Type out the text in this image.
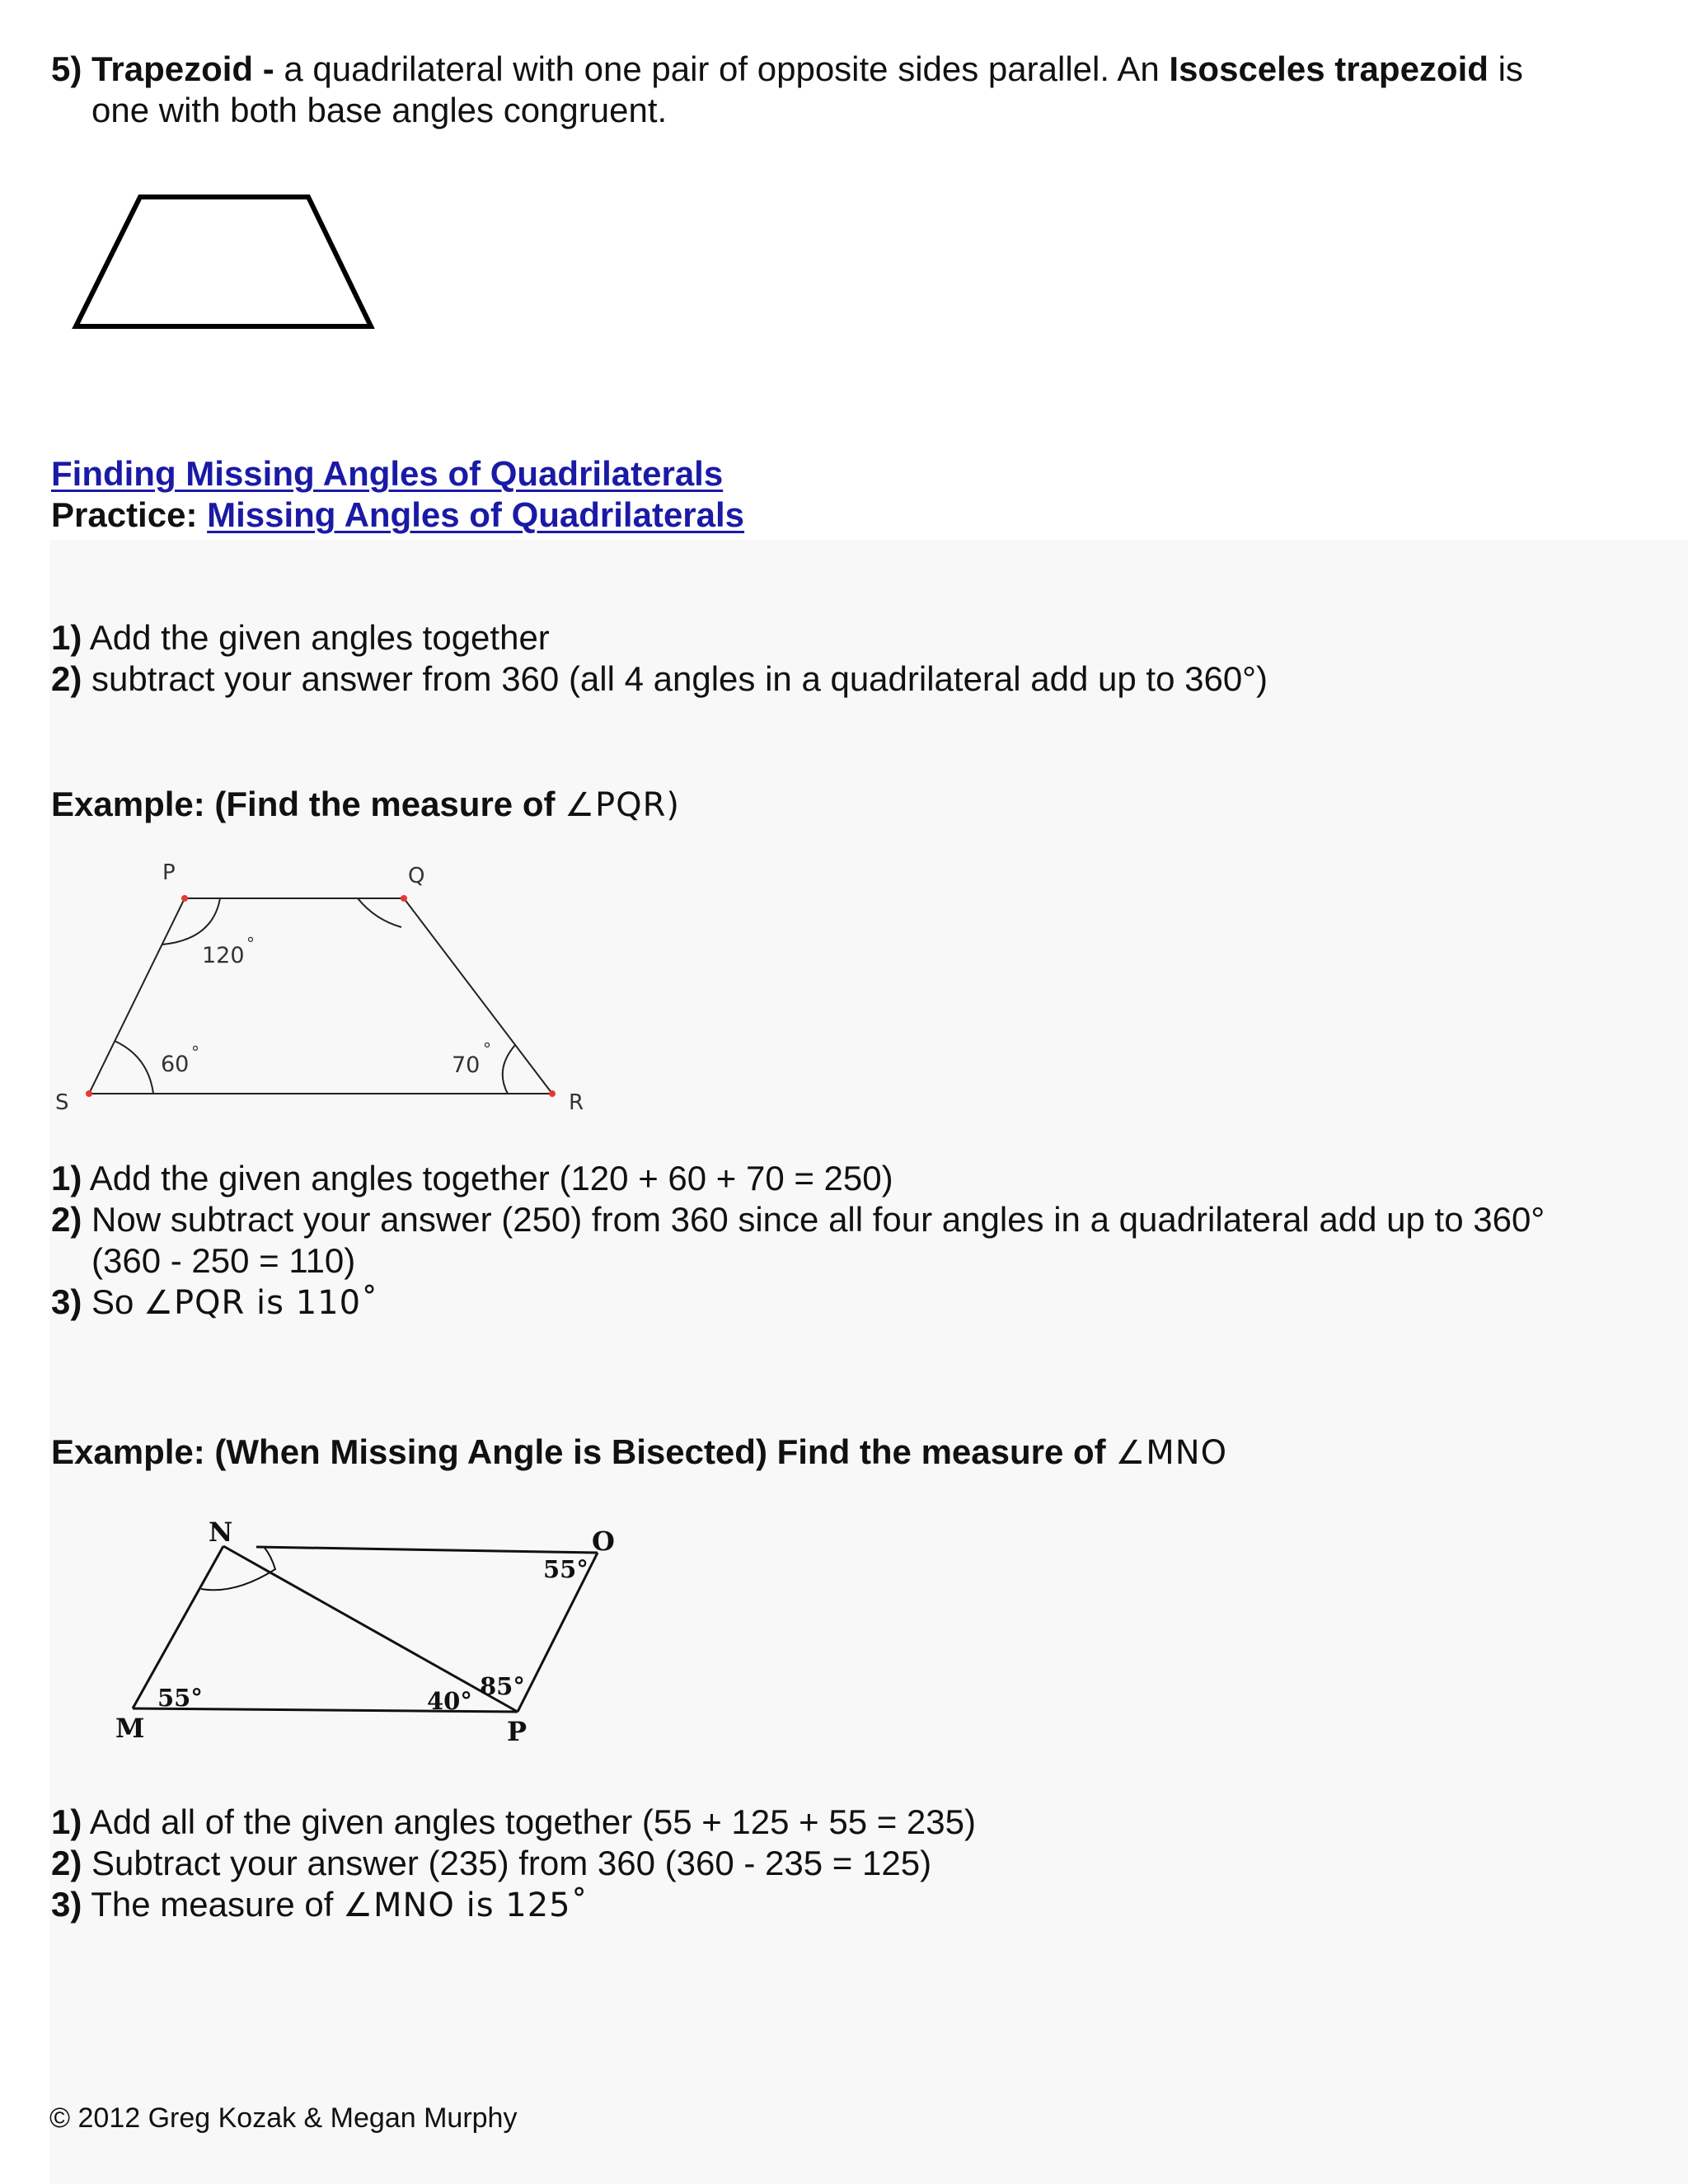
5) Trapezoid - a quadrilateral with one pair of opposite sides parallel. An Isosceles trapezoid is

one with both base angles congruent.

Finding Missing Angles of Quadrilaterals

Practice: Missing Angles of Quadrilaterals

1) Add the given angles together

2) subtract your answer from 360 (all 4 angles in a quadrilateral add up to 360°)

Example: (Find the measure of ∠PQR)

P	Q
R
S
120 °
60 °	70
°

1) Add the given angles together (120 + 60 + 70 = 250)

2) Now subtract your answer (250) from 360 since all four angles in a quadrilateral add up to 360°

(360 - 250 = 110)

3) So ∠PQR is 110˚

Example: (When Missing Angle is Bisected) Find the measure of ∠MNO

N	O
M	P
55°
55°	40°
85°

1) Add all of the given angles together (55 + 125 + 55 = 235)

2) Subtract your answer (235) from 360 (360 - 235 = 125)

3) The measure of ∠MNO is 125˚

© 2012 Greg Kozak & Megan Murphy
